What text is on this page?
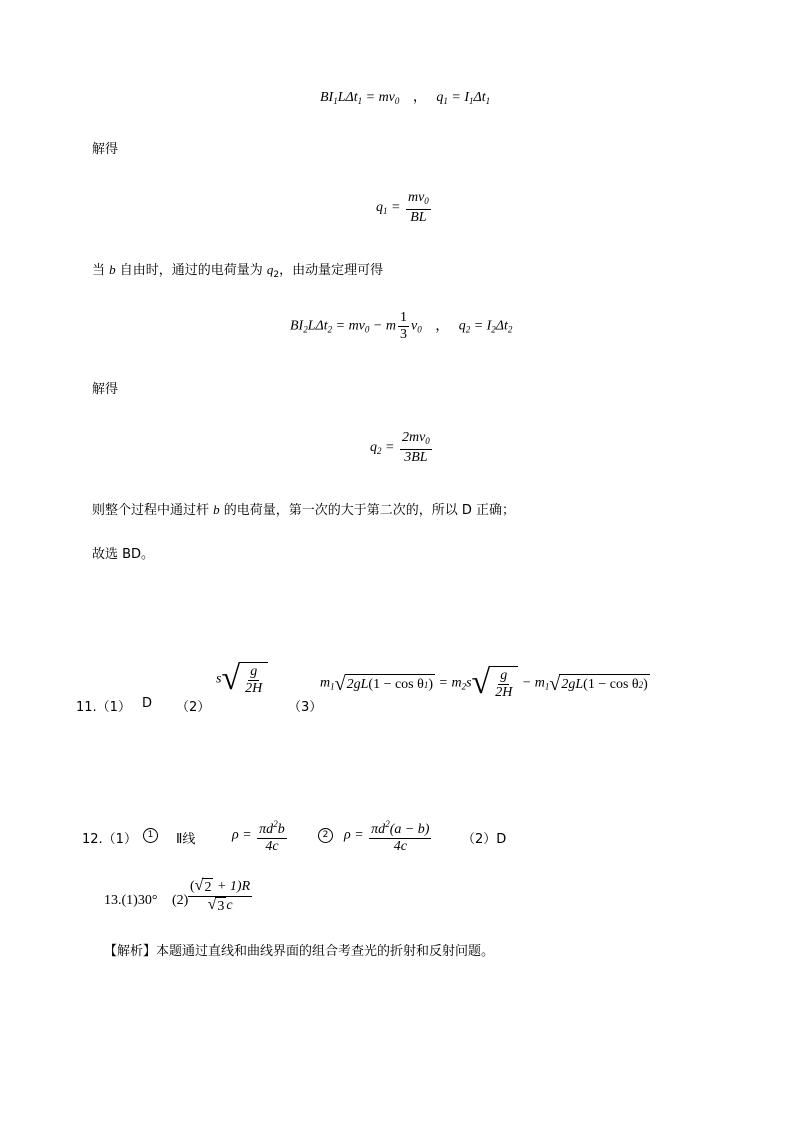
$BI_1L\Delta t_1 = mv_0$ ， $q_1 = I_1\Delta t_1$
解得
$q_1 = \frac{mv_0}{BL}$
当 b 自由时，通过的电荷量为 $q_2$，由动量定理可得
$BI_2L\Delta t_2 = mv_0 - m \frac{1}{3} v_0$ ， $q_2 = I_2\Delta t_2$
解得
$q_2 = \frac{2mv_0}{3BL}$
则整个过程中通过杆 b 的电荷量，第一次的大于第二次的，所以 D 正确；
故选 BD。
11.（1） D （2）
s √ $\frac{g}{2H}$
（3）
$m_1$ √ 2gL (1 − cos θ 1 ) = $m_2s$ √ $\frac{g}{2H} - m_1$ √ 2gL (1 − cos θ 2 )
12.（1）	1	Ⅱ线	$\rho = \frac{\pi d^2b}{4c}$	2	$\rho = \frac{\pi d^2(a - b)}{4c} (2)D$
13.(1)30° $(2) \frac{( √ 2 + 1)R}{√ 3 c}$
【解析】本题通过直线和曲线界面的组合考查光的折射和反射问题。
